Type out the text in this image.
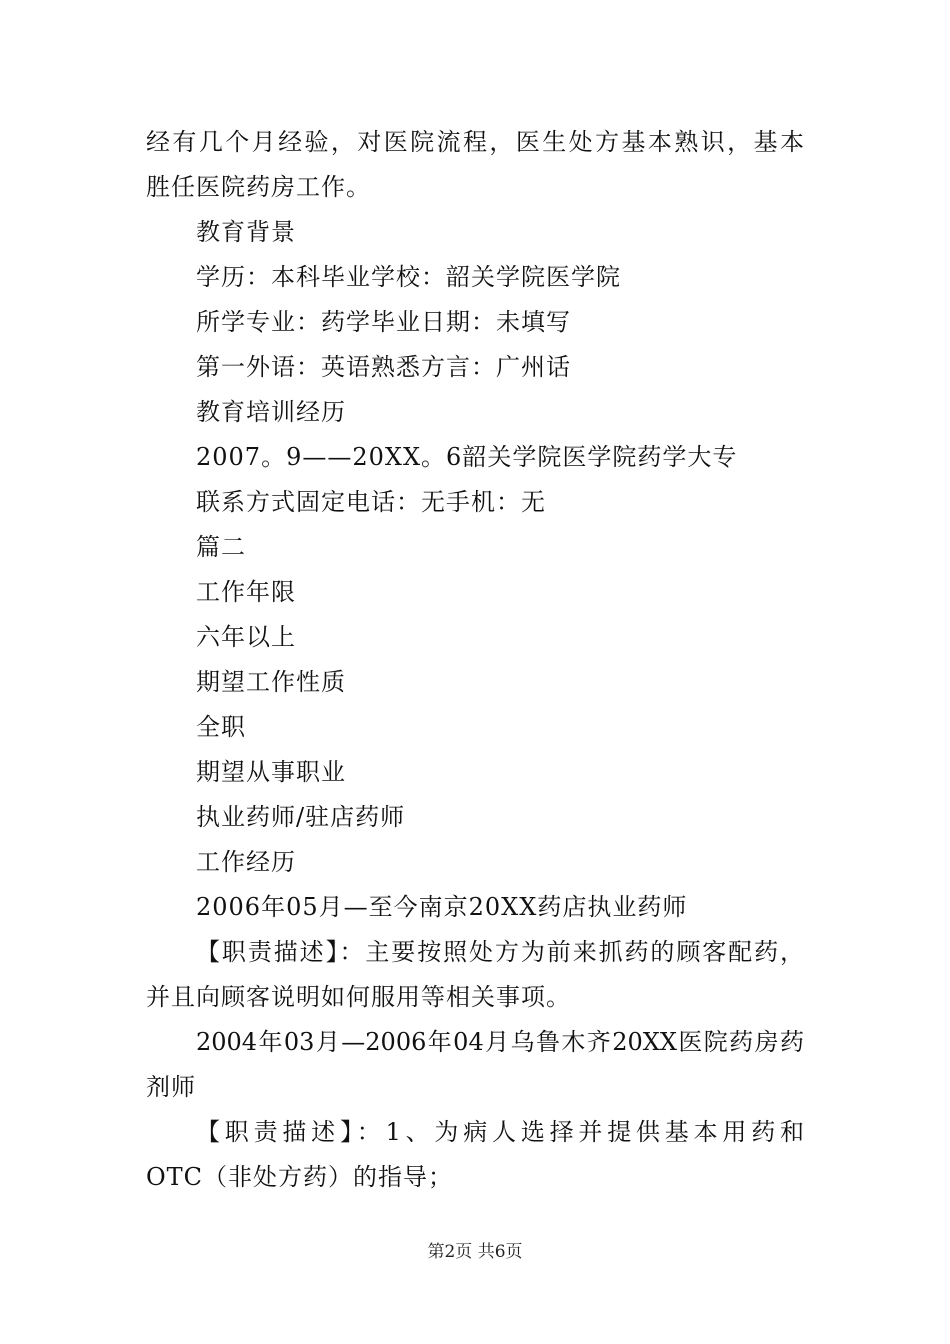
经有几个月经验，对医院流程，医生处方基本熟识，基本
胜任医院药房工作。
教育背景
学历：本科毕业学校：韶关学院医学院
所学专业：药学毕业日期：未填写
第一外语：英语熟悉方言：广州话
教育培训经历
2007。9——20XX。6韶关学院医学院药学大专
联系方式固定电话：无手机：无
篇二
工作年限
六年以上
期望工作性质
全职
期望从事职业
执业药师/驻店药师
工作经历
2006年05月—至今南京20XX药店执业药师
【职责描述】：主要按照处方为前来抓药的顾客配药，
并且向顾客说明如何服用等相关事项。
2004年03月—2006年04月乌鲁木齐20XX医院药房药
剂师
【职责描述】：1、为病人选择并提供基本用药和
OTC（非处方药）的指导；
第2页 共6页
